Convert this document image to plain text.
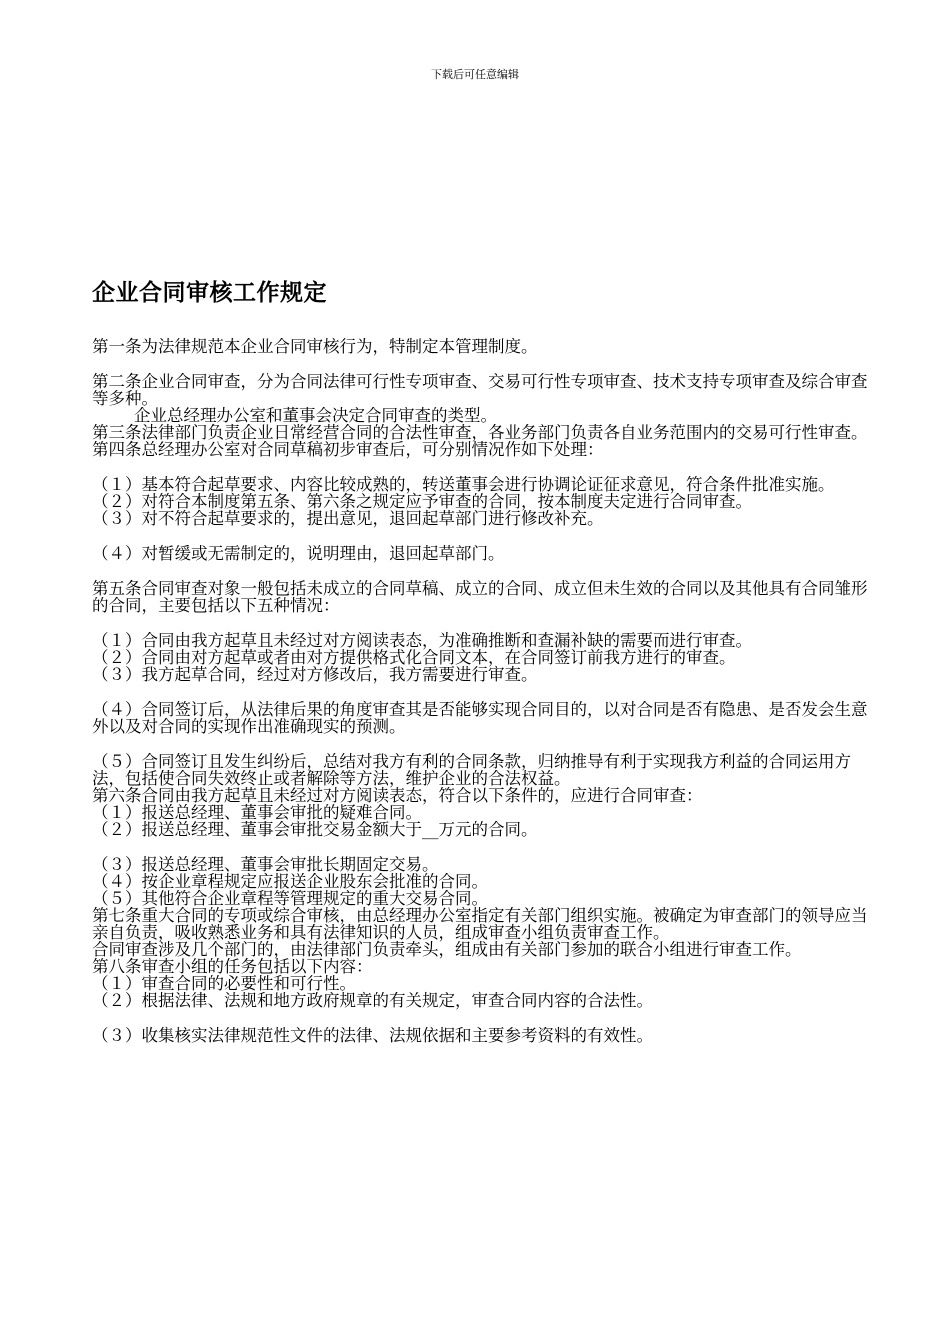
下载后可任意编辑
企业合同审核工作规定

第一条为法律规范本企业合同审核行为，特制定本管理制度。

第二条企业合同审查，分为合同法律可行性专项审查、交易可行性专项审查、技术支持专项审查及综合审查等多种。

企业总经理办公室和董事会决定合同审查的类型。

第三条法律部门负责企业日常经营合同的合法性审查，各业务部门负责各自业务范围内的交易可行性审查。

第四条总经理办公室对合同草稿初步审查后，可分别情况作如下处理：

（１）基本符合起草要求、内容比较成熟的，转送董事会进行协调论证征求意见，符合条件批准实施。

（２）对符合本制度第五条、第六条之规定应予审查的合同，按本制度夫定进行合同审查。

（３）对不符合起草要求的，提出意见，退回起草部门进行修改补充。

（４）对暂缓或无需制定的，说明理由，退回起草部门。

第五条合同审查对象一般包括未成立的合同草稿、成立的合同、成立但未生效的合同以及其他具有合同雏形的合同，主要包括以下五种情况：

（１）合同由我方起草且未经过对方阅读表态，为准确推断和查漏补缺的需要而进行审查。

（２）合同由对方起草或者由对方提供格式化合同文本，在合同签订前我方进行的审查。

（３）我方起草合同，经过对方修改后，我方需要进行审查。

（４）合同签订后，从法律后果的角度审查其是否能够实现合同目的，以对合同是否有隐患、是否发会生意外以及对合同的实现作出准确现实的预测。

（５）合同签订且发生纠纷后，总结对我方有利的合同条款，归纳推导有利于实现我方利益的合同运用方法，包括使合同失效终止或者解除等方法，维护企业的合法权益。

第六条合同由我方起草且未经过对方阅读表态，符合以下条件的，应进行合同审查：

（１）报送总经理、董事会审批的疑难合同。

（２）报送总经理、董事会审批交易金额大于__万元的合同。

（３）报送总经理、董事会审批长期固定交易。

（４）按企业章程规定应报送企业股东会批准的合同。

（５）其他符合企业章程等管理规定的重大交易合同。

第七条重大合同的专项或综合审核，由总经理办公室指定有关部门组织实施。被确定为审查部门的领导应当亲自负责，吸收熟悉业务和具有法律知识的人员，组成审查小组负责审查工作。

合同审查涉及几个部门的，由法律部门负责牵头，组成由有关部门参加的联合小组进行审查工作。

第八条审查小组的任务包括以下内容：

（１）审查合同的必要性和可行性。

（２）根据法律、法规和地方政府规章的有关规定，审查合同内容的合法性。

（３）收集核实法律规范性文件的法律、法规依据和主要参考资料的有效性。
